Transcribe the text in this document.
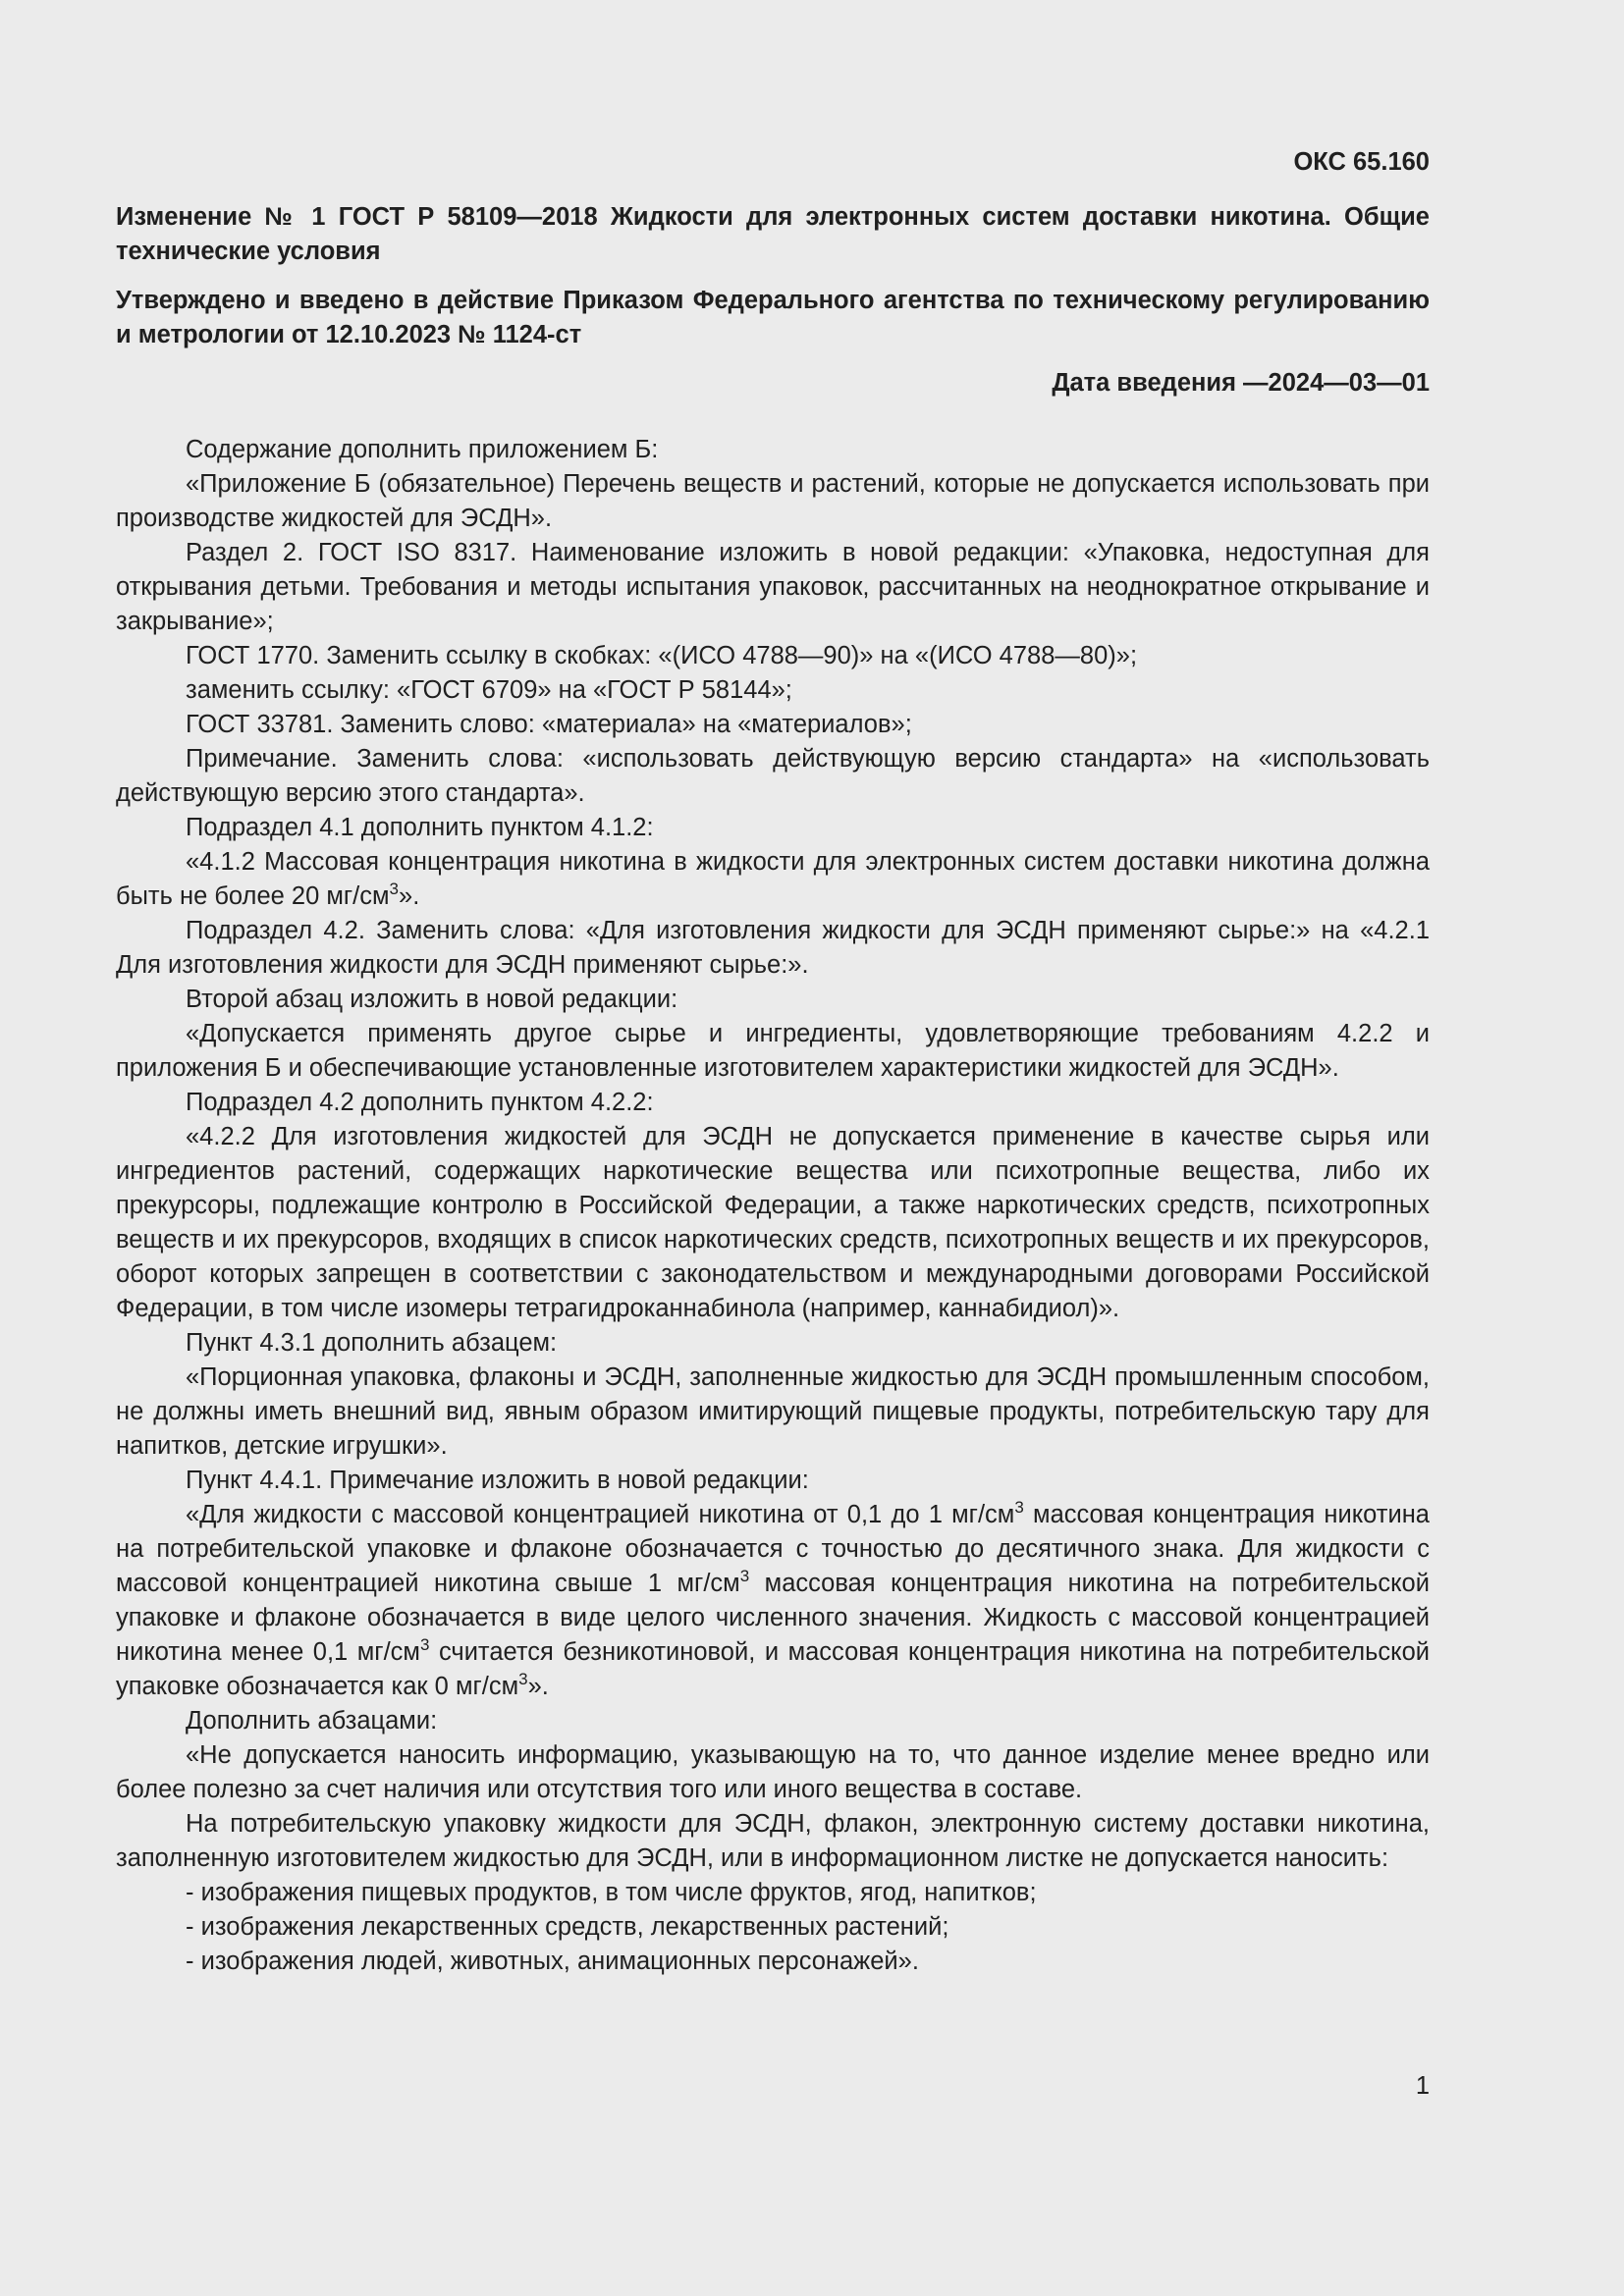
ОКС 65.160
Изменение № 1 ГОСТ Р 58109—2018 Жидкости для электронных систем доставки никотина. Общие технические условия
Утверждено и введено в действие Приказом Федерального агентства по техническому регулированию и метрологии от 12.10.2023 № 1124-ст
Дата введения —2024—03—01

Содержание дополнить приложением Б:

«Приложение Б (обязательное) Перечень веществ и растений, которые не допускается использовать при производстве жидкостей для ЭСДН».

Раздел 2. ГОСТ ISO 8317. Наименование изложить в новой редакции: «Упаковка, недоступная для открывания детьми. Требования и методы испытания упаковок, рассчитанных на неоднократное открывание и закрывание»;

ГОСТ 1770. Заменить ссылку в скобках: «(ИСО 4788—90)» на «(ИСО 4788—80)»;

заменить ссылку: «ГОСТ 6709» на «ГОСТ Р 58144»;

ГОСТ 33781. Заменить слово: «материала» на «материалов»;

Примечание. Заменить слова: «использовать действующую версию стандарта» на «использовать действующую версию этого стандарта».

Подраздел 4.1 дополнить пунктом 4.1.2:

«4.1.2 Массовая концентрация никотина в жидкости для электронных систем доставки никотина должна быть не более 20 $мг/см^3$».

Подраздел 4.2. Заменить слова: «Для изготовления жидкости для ЭСДН применяют сырье:» на «4.2.1 Для изготовления жидкости для ЭСДН применяют сырье:».

Второй абзац изложить в новой редакции:

«Допускается применять другое сырье и ингредиенты, удовлетворяющие требованиям 4.2.2 и приложения Б и обеспечивающие установленные изготовителем характеристики жидкостей для ЭСДН».

Подраздел 4.2 дополнить пунктом 4.2.2:

«4.2.2 Для изготовления жидкостей для ЭСДН не допускается применение в качестве сырья или ингредиентов растений, содержащих наркотические вещества или психотропные вещества, либо их прекурсоры, подлежащие контролю в Российской Федерации, а также наркотических средств, психотропных веществ и их прекурсоров, входящих в список наркотических средств, психотропных веществ и их прекурсоров, оборот которых запрещен в соответствии с законодательством и международными договорами Российской Федерации, в том числе изомеры тетрагидроканнабинола (например, каннабидиол)».

Пункт 4.3.1 дополнить абзацем:

«Порционная упаковка, флаконы и ЭСДН, заполненные жидкостью для ЭСДН промышленным способом, не должны иметь внешний вид, явным образом имитирующий пищевые продукты, потребительскую тару для напитков, детские игрушки».

Пункт 4.4.1. Примечание изложить в новой редакции:

«Для жидкости с массовой концентрацией никотина от 0,1 до 1 $мг/см^3$ массовая концентрация никотина на потребительской упаковке и флаконе обозначается с точностью до десятичного знака. Для жидкости с массовой концентрацией никотина свыше 1 $мг/см^3$ массовая концентрация никотина на потребительской упаковке и флаконе обозначается в виде целого численного значения. Жидкость с массовой концентрацией никотина менее 0,1 $мг/см^3$ считается безникотиновой, и массовая концентрация никотина на потребительской упаковке обозначается как 0 $мг/см^3$».

Дополнить абзацами:

«Не допускается наносить информацию, указывающую на то, что данное изделие менее вредно или более полезно за счет наличия или отсутствия того или иного вещества в составе.

На потребительскую упаковку жидкости для ЭСДН, флакон, электронную систему доставки никотина, заполненную изготовителем жидкостью для ЭСДН, или в информационном листке не допускается наносить:

- изображения пищевых продуктов, в том числе фруктов, ягод, напитков;

- изображения лекарственных средств, лекарственных растений;

- изображения людей, животных, анимационных персонажей».

1
